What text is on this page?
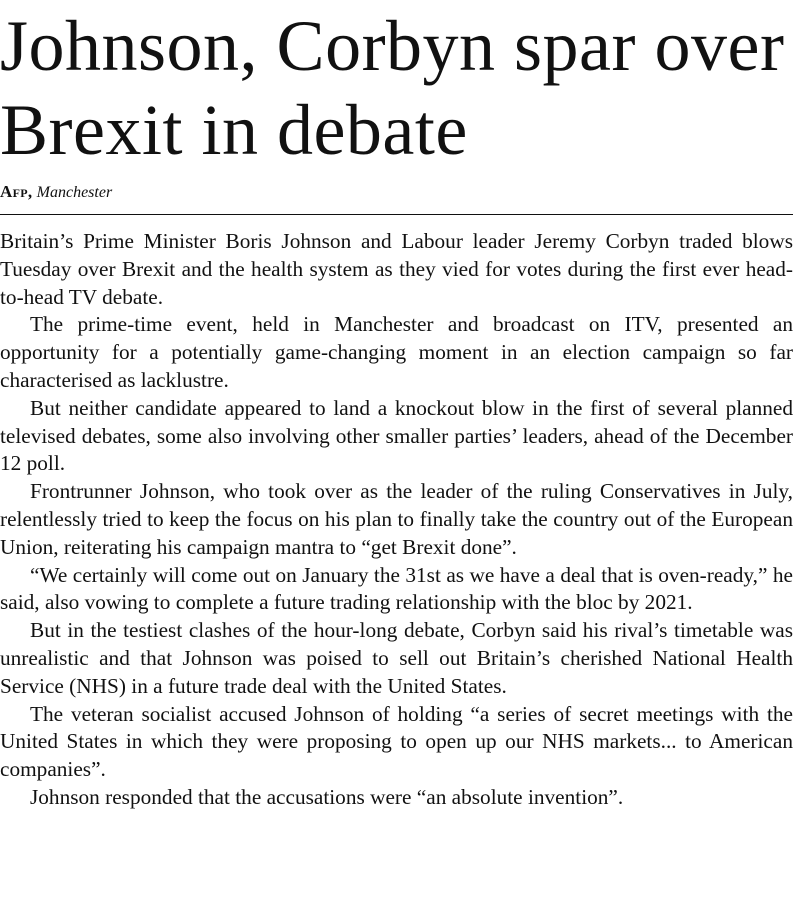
Johnson, Corbyn spar over Brexit in debate
Afp, Manchester

Britain’s Prime Minister Boris Johnson and Labour leader Jeremy Corbyn traded blows Tuesday over Brexit and the health system as they vied for votes during the first ever head-to-head TV debate.

The prime-time event, held in Manchester and broadcast on ITV, presented an opportunity for a potentially game-changing moment in an election campaign so far characterised as lacklustre.

But neither candidate appeared to land a knockout blow in the first of several planned televised debates, some also involving other smaller parties’ leaders, ahead of the December 12 poll.

Frontrunner Johnson, who took over as the leader of the ruling Conservatives in July, relentlessly tried to keep the focus on his plan to finally take the country out of the European Union, reiterating his campaign mantra to “get Brexit done”.

“We certainly will come out on January the 31st as we have a deal that is oven-ready,” he said, also vowing to complete a future trading relationship with the bloc by 2021.

But in the testiest clashes of the hour-long debate, Corbyn said his rival’s timetable was unrealistic and that Johnson was poised to sell out Britain’s cherished National Health Service (NHS) in a future trade deal with the United States.

The veteran socialist accused Johnson of holding “a series of secret meetings with the United States in which they were proposing to open up our NHS markets... to American companies”.

Johnson responded that the accusations were “an absolute invention”.
